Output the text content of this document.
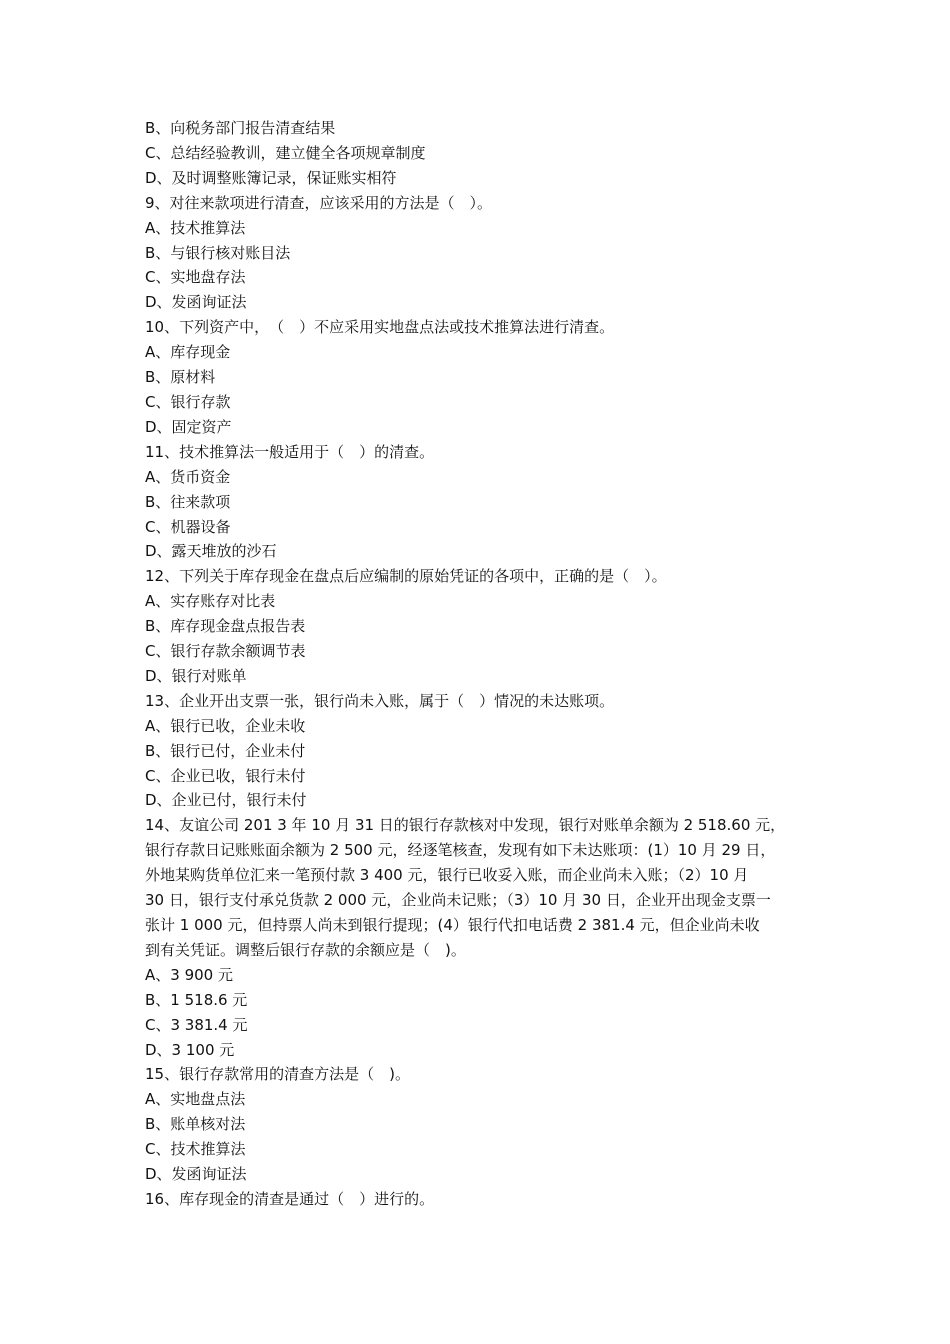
B、向税务部门报告清查结果
C、总结经验教训，建立健全各项规章制度
D、及时调整账簿记录，保证账实相符
9、对往来款项进行清查，应该采用的方法是（　）。
A、技术推算法
B、与银行核对账目法
C、实地盘存法
D、发函询证法
10、下列资产中，　（　）不应采用实地盘点法或技术推算法进行清查。
A、库存现金
B、原材料
C、银行存款
D、固定资产
11、技术推算法一般适用于（　）的清查。
A、货币资金
B、往来款项
C、机器设备
D、露天堆放的沙石
12、下列关于库存现金在盘点后应编制的原始凭证的各项中，正确的是（　）。
A、实存账存对比表
B、库存现金盘点报告表
C、银行存款余额调节表
D、银行对账单
13、企业开出支票一张，银行尚未入账，属于（　）情况的未达账项。
A、银行已收，企业未收
B、银行已付，企业未付
C、企业已收，银行未付
D、企业已付，银行未付
14、友谊公司 201 3 年 10 月 31 日的银行存款核对中发现，银行对账单余额为 2 518.60 元，
银行存款日记账账面余额为 2 500 元，经逐笔核查，发现有如下未达账项：(1）10 月 29 日，
外地某购货单位汇来一笔预付款 3 400 元，银行已收妥入账，而企业尚未入账；（2）10 月
30 日，银行支付承兑货款 2 000 元，企业尚未记账；（3）10 月 30 日，企业开出现金支票一
张计 1 000 元，但持票人尚未到银行提现；(4）银行代扣电话费 2 381.4 元，但企业尚未收
到有关凭证。调整后银行存款的余额应是（　)。
A、3 900 元
B、1 518.6 元
C、3 381.4 元
D、3 100 元
15、银行存款常用的清查方法是（　)。
A、实地盘点法
B、账单核对法
C、技术推算法
D、发函询证法
16、库存现金的清查是通过（　）进行的。
